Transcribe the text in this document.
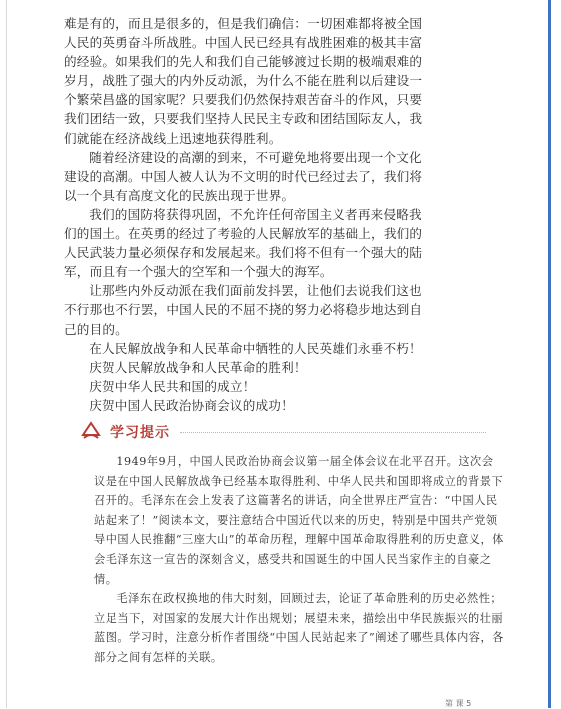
难是有的，而且是很多的，但是我们确信：一切困难都将被全国人民的英勇奋斗所战胜。中国人民已经具有战胜困难的极其丰富的经验。如果我们的先人和我们自己能够渡过长期的极端艰难的岁月，战胜了强大的内外反动派，为什么不能在胜利以后建设一个繁荣昌盛的国家呢？只要我们仍然保持艰苦奋斗的作风，只要我们团结一致，只要我们坚持人民民主专政和团结国际友人，我们就能在经济战线上迅速地获得胜利。

随着经济建设的高潮的到来，不可避免地将要出现一个文化建设的高潮。中国人被人认为不文明的时代已经过去了，我们将以一个具有高度文化的民族出现于世界。

我们的国防将获得巩固，不允许任何帝国主义者再来侵略我们的国土。在英勇的经过了考验的人民解放军的基础上，我们的人民武装力量必须保存和发展起来。我们将不但有一个强大的陆军，而且有一个强大的空军和一个强大的海军。

让那些内外反动派在我们面前发抖罢，让他们去说我们这也不行那也不行罢，中国人民的不屈不挠的努力必将稳步地达到自己的目的。

在人民解放战争和人民革命中牺牲的人民英雄们永垂不朽！

庆贺人民解放战争和人民革命的胜利！

庆贺中华人民共和国的成立！

庆贺中国人民政治协商会议的成功！

学习提示

1949年9月，中国人民政治协商会议第一届全体会议在北平召开。这次会议是在中国人民解放战争已经基本取得胜利、中华人民共和国即将成立的背景下召开的。毛泽东在会上发表了这篇著名的讲话，向全世界庄严宣告：“中国人民站起来了！”阅读本文，要注意结合中国近代以来的历史，特别是中国共产党领导中国人民推翻“三座大山”的革命历程，理解中国革命取得胜利的历史意义，体会毛泽东这一宣告的深刻含义，感受共和国诞生的中国人民当家作主的自豪之情。

毛泽东在政权换地的伟大时刻，回顾过去，论证了革命胜利的历史必然性；立足当下，对国家的发展大计作出规划；展望未来，描绘出中华民族振兴的壮丽蓝图。学习时，注意分析作者围绕“中国人民站起来了”阐述了哪些具体内容，各部分之间有怎样的关联。

第 课 5
